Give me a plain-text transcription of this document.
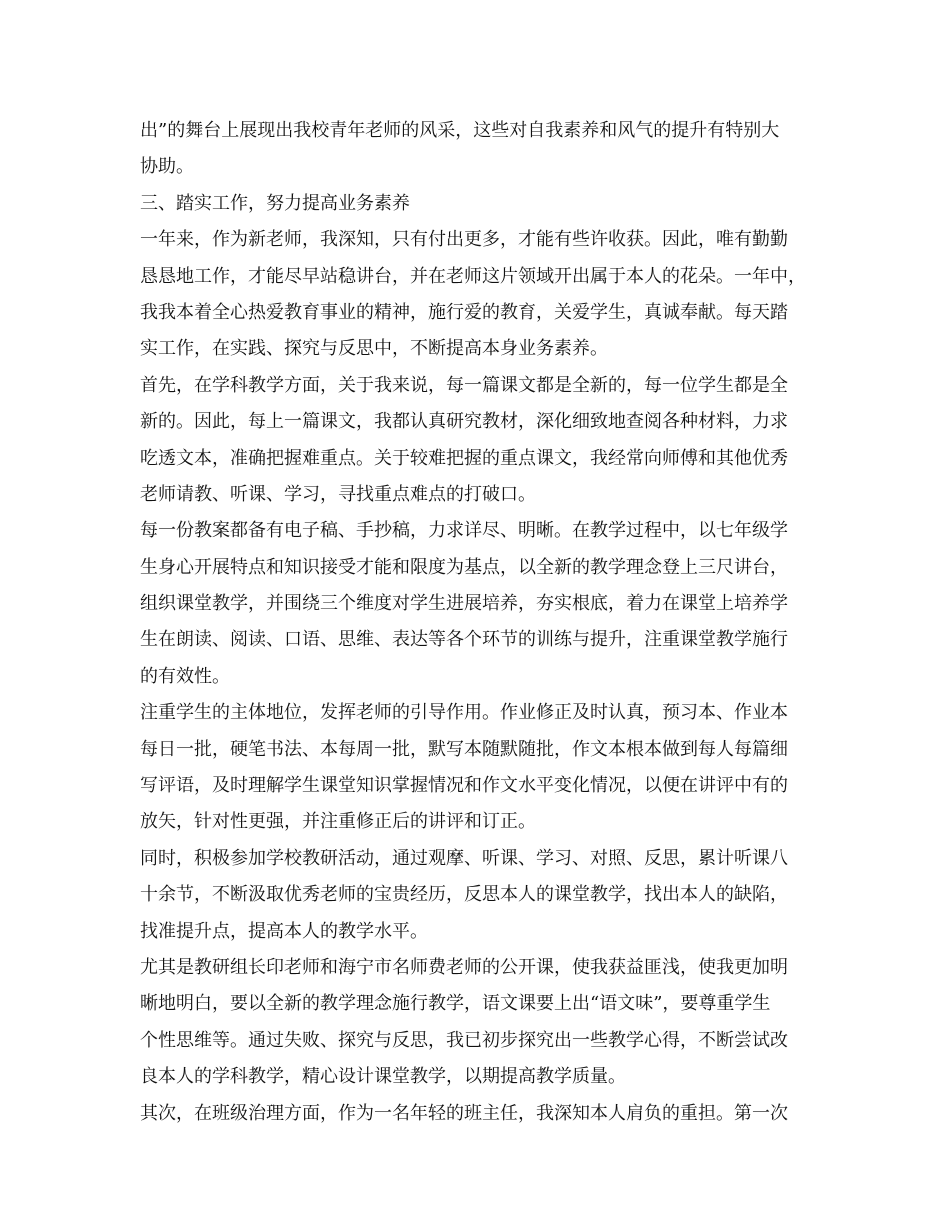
出”的舞台上展现出我校青年老师的风采，这些对自我素养和风气的提升有特别大
协助。
三、踏实工作，努力提高业务素养
一年来，作为新老师，我深知，只有付出更多，才能有些许收获。因此，唯有勤勤
恳恳地工作，才能尽早站稳讲台，并在老师这片领域开出属于本人的花朵。一年中，
我我本着全心热爱教育事业的精神，施行爱的教育，关爱学生，真诚奉献。每天踏
实工作，在实践、探究与反思中，不断提高本身业务素养。
首先，在学科教学方面，关于我来说，每一篇课文都是全新的，每一位学生都是全
新的。因此，每上一篇课文，我都认真研究教材，深化细致地查阅各种材料，力求
吃透文本，准确把握难重点。关于较难把握的重点课文，我经常向师傅和其他优秀
老师请教、听课、学习，寻找重点难点的打破口。
每一份教案都备有电子稿、手抄稿，力求详尽、明晰。在教学过程中，以七年级学
生身心开展特点和知识接受才能和限度为基点，以全新的教学理念登上三尺讲台，
组织课堂教学，并围绕三个维度对学生进展培养，夯实根底，着力在课堂上培养学
生在朗读、阅读、口语、思维、表达等各个环节的训练与提升，注重课堂教学施行
的有效性。
注重学生的主体地位，发挥老师的引导作用。作业修正及时认真，预习本、作业本
每日一批，硬笔书法、本每周一批，默写本随默随批，作文本根本做到每人每篇细
写评语，及时理解学生课堂知识掌握情况和作文水平变化情况，以便在讲评中有的
放矢，针对性更强，并注重修正后的讲评和订正。
同时，积极参加学校教研活动，通过观摩、听课、学习、对照、反思，累计听课八
十余节，不断汲取优秀老师的宝贵经历，反思本人的课堂教学，找出本人的缺陷，
找准提升点，提高本人的教学水平。
尤其是教研组长印老师和海宁市名师费老师的公开课，使我获益匪浅，使我更加明
晰地明白，要以全新的教学理念施行教学，语文课要上出“语文味”，要尊重学生
个性思维等。通过失败、探究与反思，我已初步探究出一些教学心得，不断尝试改
良本人的学科教学，精心设计课堂教学，以期提高教学质量。
其次，在班级治理方面，作为一名年轻的班主任，我深知本人肩负的重担。第一次
